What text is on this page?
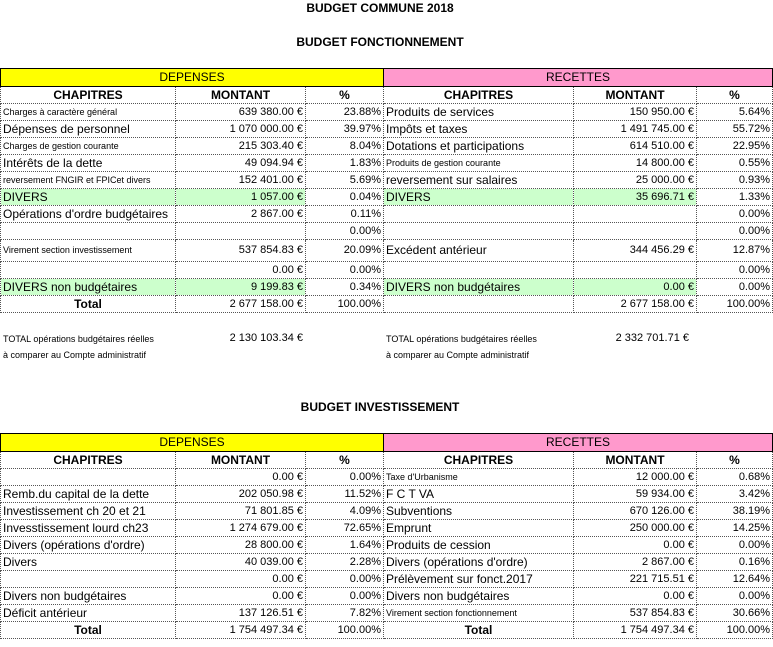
BUDGET COMMUNE 2018
BUDGET FONCTIONNEMENT
DEPENSES			RECETTES		
CHAPITRES	MONTANT	%	CHAPITRES	MONTANT	%
Charges à caractère général	639 380.00 €	23.88%	Produits de services	150 950.00 €	5.64%
Dépenses de personnel	1 070 000.00 €	39.97%	Impôts et taxes	1 491 745.00 €	55.72%
Charges de gestion courante	215 303.40 €	8.04%	Dotations et participations	614 510.00 €	22.95%
Intérêts de la dette	49 094.94 €	1.83%	Produits de gestion courante	14 800.00 €	0.55%
reversement FNGIR et FPICet divers	152 401.00 €	5.69%	reversement sur salaires	25 000.00 €	0.93%
DIVERS	1 057.00 €	0.04%	DIVERS	35 696.71 €	1.33%
Opérations d'ordre budgétaires	2 867.00 €	0.11%			0.00%
		0.00%			0.00%
Virement section investissement	537 854.83 €	20.09%	Excédent antérieur	344 456.29 €	12.87%
	0.00 €	0.00%			0.00%
DIVERS non budgétaires	9 199.83 €	0.34%	DIVERS non budgétaires	0.00 €	0.00%
Total	2 677 158.00 €	100.00%		2 677 158.00 €	100.00%
TOTAL opérations budgétaires réelles
à comparer au Compte administratif
2 130 103.34 €	TOTAL opérations budgétaires réelles
à comparer au Compte administratif
2 332 701.71 €
BUDGET INVESTISSEMENT
DEPENSES			RECETTES		
CHAPITRES	MONTANT	%	CHAPITRES	MONTANT	%
	0.00 €	0.00%	Taxe d'Urbanisme	12 000.00 €	0.68%
Remb.du capital de la dette	202 050.98 €	11.52%	F C T VA	59 934.00 €	3.42%
Investissement ch 20 et 21	71 801.85 €	4.09%	Subventions	670 126.00 €	38.19%
Invesstissement lourd ch23	1 274 679.00 €	72.65%	Emprunt	250 000.00 €	14.25%
Divers (opérations d'ordre)	28 800.00 €	1.64%	Produits de cession	0.00 €	0.00%
Divers	40 039.00 €	2.28%	Divers (opérations d'ordre)	2 867.00 €	0.16%
	0.00 €	0.00%	Prélèvement sur fonct.2017	221 715.51 €	12.64%
Divers non budgétaires	0.00 €	0.00%	Divers non budgétaires	0.00 €	0.00%
Déficit antérieur	137 126.51 €	7.82%	Virement section fonctionnement	537 854.83 €	30.66%
Total	1 754 497.34 €	100.00%	Total	1 754 497.34 €	100.00%
